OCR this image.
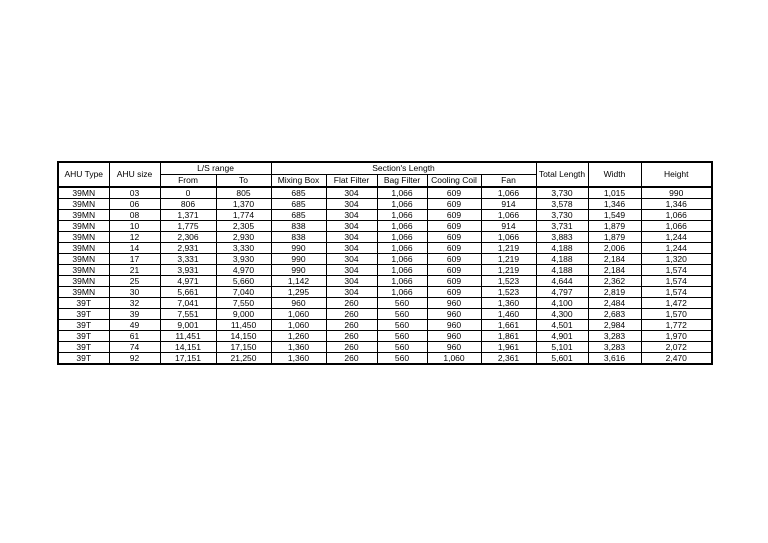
AHU Type	AHU size	L/S range		Section's Length					Total Length	Width	Height
		From	To	Mixing Box	Flat Filter	Bag Filter	Cooling Coil	Fan			
39MN	03	0	805	685	304	1,066	609	1,066	3,730	1,015	990
39MN	06	806	1,370	685	304	1,066	609	914	3,578	1,346	1,346
39MN	08	1,371	1,774	685	304	1,066	609	1,066	3,730	1,549	1,066
39MN	10	1,775	2,305	838	304	1,066	609	914	3,731	1,879	1,066
39MN	12	2,306	2,930	838	304	1,066	609	1,066	3,883	1,879	1,244
39MN	14	2,931	3,330	990	304	1,066	609	1,219	4,188	2,006	1,244
39MN	17	3,331	3,930	990	304	1,066	609	1,219	4,188	2,184	1,320
39MN	21	3,931	4,970	990	304	1,066	609	1,219	4,188	2,184	1,574
39MN	25	4,971	5,660	1,142	304	1,066	609	1,523	4,644	2,362	1,574
39MN	30	5,661	7,040	1,295	304	1,066	609	1,523	4,797	2,819	1,574
39T	32	7,041	7,550	960	260	560	960	1,360	4,100	2,484	1,472
39T	39	7,551	9,000	1,060	260	560	960	1,460	4,300	2,683	1,570
39T	49	9,001	11,450	1,060	260	560	960	1,661	4,501	2,984	1,772
39T	61	11,451	14,150	1,260	260	560	960	1,861	4,901	3,283	1,970
39T	74	14,151	17,150	1,360	260	560	960	1,961	5,101	3,283	2,072
39T	92	17,151	21,250	1,360	260	560	1,060	2,361	5,601	3,616	2,470
